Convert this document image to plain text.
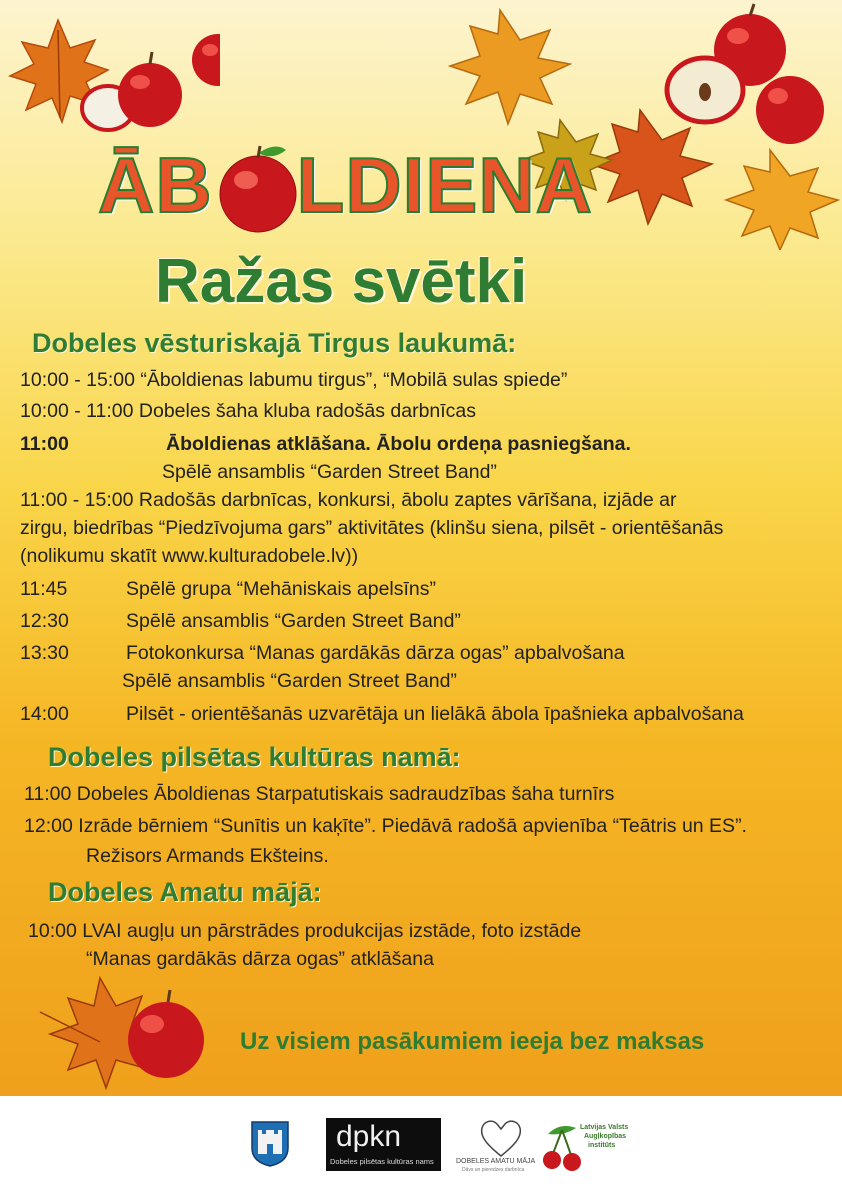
ĀB LDIENA
Ražas svētki
Dobeles vēsturiskajā Tirgus laukumā:
10:00 - 15:00 “Āboldienas labumu tirgus”, “Mobilā sulas spiede”
10:00 - 11:00 Dobeles šaha kluba radošās darbnīcas
11:00	Āboldienas atklāšana. Ābolu ordeņa pasniegšana.
Spēlē ansamblis “Garden Street Band”
11:00 - 15:00 Radošās darbnīcas, konkursi, ābolu zaptes vārīšana, izjāde ar
zirgu, biedrības “Piedzīvojuma gars” aktivitātes (klinšu siena, pilsēt - orientēšanās
(nolikumu skatīt www.kulturadobele.lv))
11:45	Spēlē grupa “Mehāniskais apelsīns”
12:30	Spēlē ansamblis “Garden Street Band”
13:30	Fotokonkursa “Manas gardākās dārza ogas” apbalvošana
Spēlē ansamblis “Garden Street Band”
14:00	Pilsēt - orientēšanās uzvarētāja un lielākā ābola īpašnieka apbalvošana
Dobeles pilsētas kultūras namā:
11:00 Dobeles Āboldienas Starpatutiskais sadraudzības šaha turnīrs
12:00 Izrāde bērniem “Sunītis un kaķīte”. Piedāvā radošā apvienība “Teātris un ES”.
Režisors Armands Ekšteins.
Dobeles Amatu mājā:
10:00 LVAI augļu un pārstrādes produkcijas izstāde, foto izstāde
“Manas gardākās dārza ogas” atklāšana
Uz visiem pasākumiem ieeja bez maksas
dpkn
Dobeles pilsētas kultūras nams	DOBELES AMATU MĀJA
Dāvs un pieredzes darbnīca
Latvijas Valsts
Augļkopības
institūts
